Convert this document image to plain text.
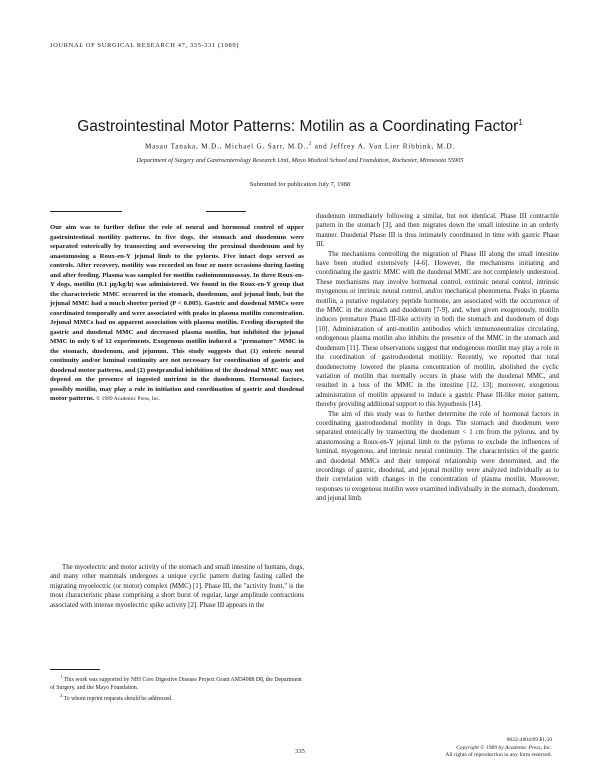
JOURNAL OF SURGICAL RESEARCH 47, 335-331 (1989)
Gastrointestinal Motor Patterns: Motilin as a Coordinating Factor$^1$
Masao Tanaka, M.D., Michael G. Sarr, M.D.,$^2$ and Jeffrey A. Van Lier Ribbink, M.D.
Department of Surgery and Gastroenterology Research Unit, Mayo Medical School and Foundation, Rochester, Minnesota 55905
Submitted for publication July 7, 1988

Our aim was to further define the role of neural and hormonal control of upper gastrointestinal motility patterns. In five dogs, the stomach and duodenum were separated enterically by transecting and oversewing the proximal duodenum and by anastomosing a Roux-en-Y jejunal limb to the pylorus. Five intact dogs served as controls. After recovery, motility was recorded on four or more occasions during fasting and after feeding. Plasma was sampled for motilin radioimmunoassay. In three Roux-en-Y dogs, motilin (0.1 μg/kg/h) was administered. We found in the Roux-en-Y group that the characteristic MMC occurred in the stomach, duodenum, and jejunal limb, but the jejunal MMC had a much shorter period (P < 0.005). Gastric and duodenal MMCs were coordinated temporally and were associated with peaks in plasma motilin concentration. Jejunal MMCs had no apparent association with plasma motilin. Feeding disrupted the gastric and duodenal MMC and decreased plasma motilin, but inhibited the jejunal MMC in only 6 of 12 experiments. Exogenous motilin induced a "premature" MMC in the stomach, duodenum, and jejunum. This study suggests that (1) enteric neural continuity and/or luminal continuity are not necessary for coordination of gastric and duodenal motor patterns, and (2) postprandial inhibition of the duodenal MMC may not depend on the presence of ingested nutrient in the duodenum. Hormonal factors, possibly motilin, may play a role in initiation and coordination of gastric and duodenal motor patterns. © 1989 Academic Press, Inc.

The myoelectric and motor activity of the stomach and small intestine of humans, dogs, and many other mammals undergoes a unique cyclic pattern during fasting called the migrating myoelectric (or motor) complex (MMC) [1]. Phase III, the "activity front," is the most characteristic phase comprising a short burst of regular, large amplitude contractions associated with intense myoelectric spike activity [2]. Phase III appears in the

$^1$ This work was supported by NIH Core Digestive Disease Project Grant AM34988 D8, the Department of Surgery, and the Mayo Foundation.

$^2$ To whom reprint requests should be addressed.

duodenum immediately following a similar, but not identical, Phase III contractile pattern in the stomach [3], and then migrates down the small intestine in an orderly manner. Duodenal Phase III is thus intimately coordinated in time with gastric Phase III.

The mechanisms controlling the migration of Phase III along the small intestine have been studied extensively [4-6]. However, the mechanisms initiating and coordinating the gastric MMC with the duodenal MMC are not completely understood. These mechanisms may involve hormonal control, extrinsic neural control, intrinsic myogenous or intrinsic neural control, and/or mechanical phenomena. Peaks in plasma motilin, a putative regulatory peptide hormone, are associated with the occurrence of the MMC in the stomach and duodenum [7-9], and, when given exogenously, motilin induces premature Phase III-like activity in both the stomach and duodenum of dogs [10]. Administration of anti-motilin antibodies which immunoneutralize circulating, endogenous plasma motilin also inhibits the presence of the MMC in the stomach and duodenum [11]. These observations suggest that endogenous motilin may play a role in the coordination of gastroduodenal motility. Recently, we reported that total duodenectomy lowered the plasma concentration of motilin, abolished the cyclic variation of motilin that normally occurs in phase with the duodenal MMC, and resulted in a loss of the MMC in the intestine [12, 13]; moreover, exogenous administration of motilin appeared to induce a gastric Phase III-like motor pattern, thereby providing additional support to this hypothesis [14].

The aim of this study was to further determine the role of hormonal factors in coordinating gastroduodenal motility in dogs. The stomach and duodenum were separated enterically by transecting the duodenum < 1 cm from the pylorus, and by anastomosing a Roux-en-Y jejunal limb to the pylorus to exclude the influences of luminal, myogenous, and intrinsic neural continuity. The characteristics of the gastric and duodenal MMCs and their temporal relationship were determined, and the recordings of gastric, duodenal, and jejunal motility were analyzed individually as to their correlation with changes in the concentration of plasma motilin. Moreover, responses to exogenous motilin were examined individually in the stomach, duodenum, and jejunal limb.

335
0022-4804/89 $1.50
Copyright © 1989 by Academic Press, Inc.
All rights of reproduction in any form reserved.
